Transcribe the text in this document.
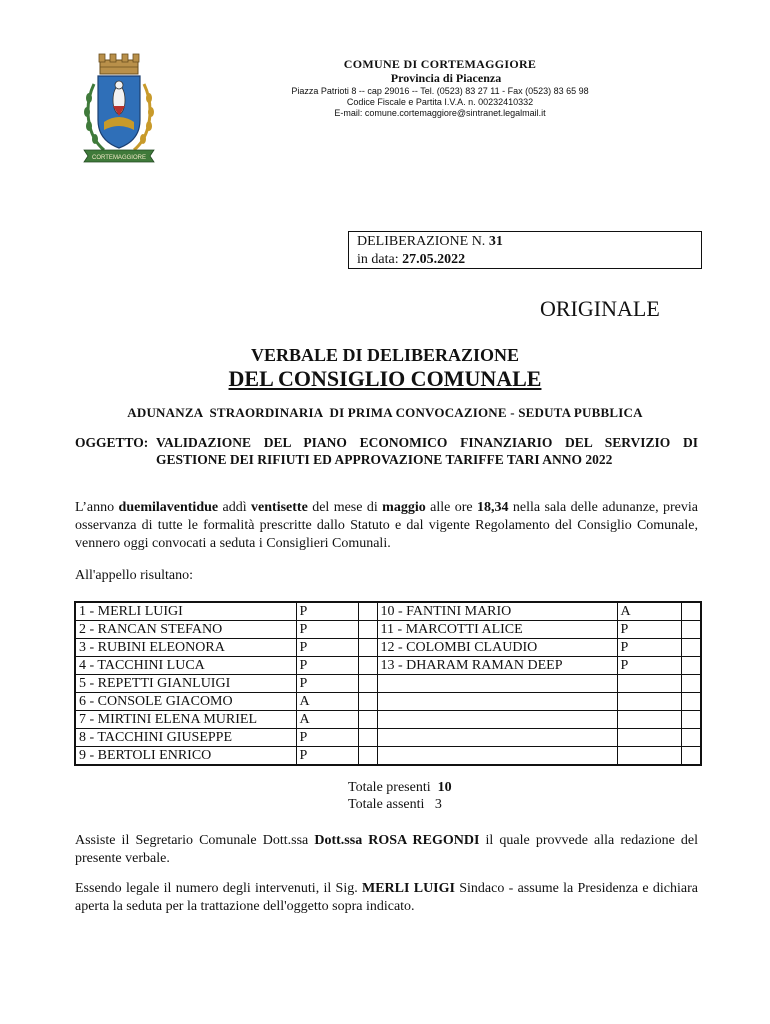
CORTEMAGGIORE
COMUNE DI CORTEMAGGIORE
Provincia di Piacenza
Piazza Patrioti 8 -- cap 29016 -- Tel. (0523) 83 27 11 - Fax (0523) 83 65 98
Codice Fiscale e Partita I.V.A. n. 00232410332
E-mail: comune.cortemaggiore@sintranet.legalmail.it
DELIBERAZIONE N. 31
in data: 27.05.2022
ORIGINALE
VERBALE DI DELIBERAZIONE
DEL CONSIGLIO COMUNALE
ADUNANZA  STRAORDINARIA  DI PRIMA CONVOCAZIONE - SEDUTA PUBBLICA
OGGETTO: VALIDAZIONE DEL PIANO ECONOMICO FINANZIARIO DEL SERVIZIO DI GESTIONE DEI RIFIUTI ED APPROVAZIONE TARIFFE TARI ANNO 2022
L’anno duemilaventidue addì ventisette del mese di maggio alle ore 18,34 nella sala delle adunanze, previa osservanza di tutte le formalità prescritte dallo Statuto e dal vigente Regolamento del Consiglio Comunale, vennero oggi convocati a seduta i Consiglieri Comunali.
All'appello risultano:
1 - MERLI LUIGI	P		10 - FANTINI MARIO	A	
2 - RANCAN STEFANO	P		11 - MARCOTTI ALICE	P	
3 - RUBINI ELEONORA	P		12 - COLOMBI CLAUDIO	P	
4 - TACCHINI LUCA	P		13 - DHARAM RAMAN DEEP	P	
5 - REPETTI GIANLUIGI	P				
6 - CONSOLE GIACOMO	A				
7 - MIRTINI ELENA MURIEL	A				
8 - TACCHINI GIUSEPPE	P				
9 - BERTOLI ENRICO	P				
Totale presenti 10
Totale assenti 3
Assiste il Segretario Comunale Dott.ssa Dott.ssa ROSA REGONDI il quale provvede alla redazione del presente verbale.
Essendo legale il numero degli intervenuti, il Sig. MERLI LUIGI Sindaco - assume la Presidenza e dichiara aperta la seduta per la trattazione dell'oggetto sopra indicato.
